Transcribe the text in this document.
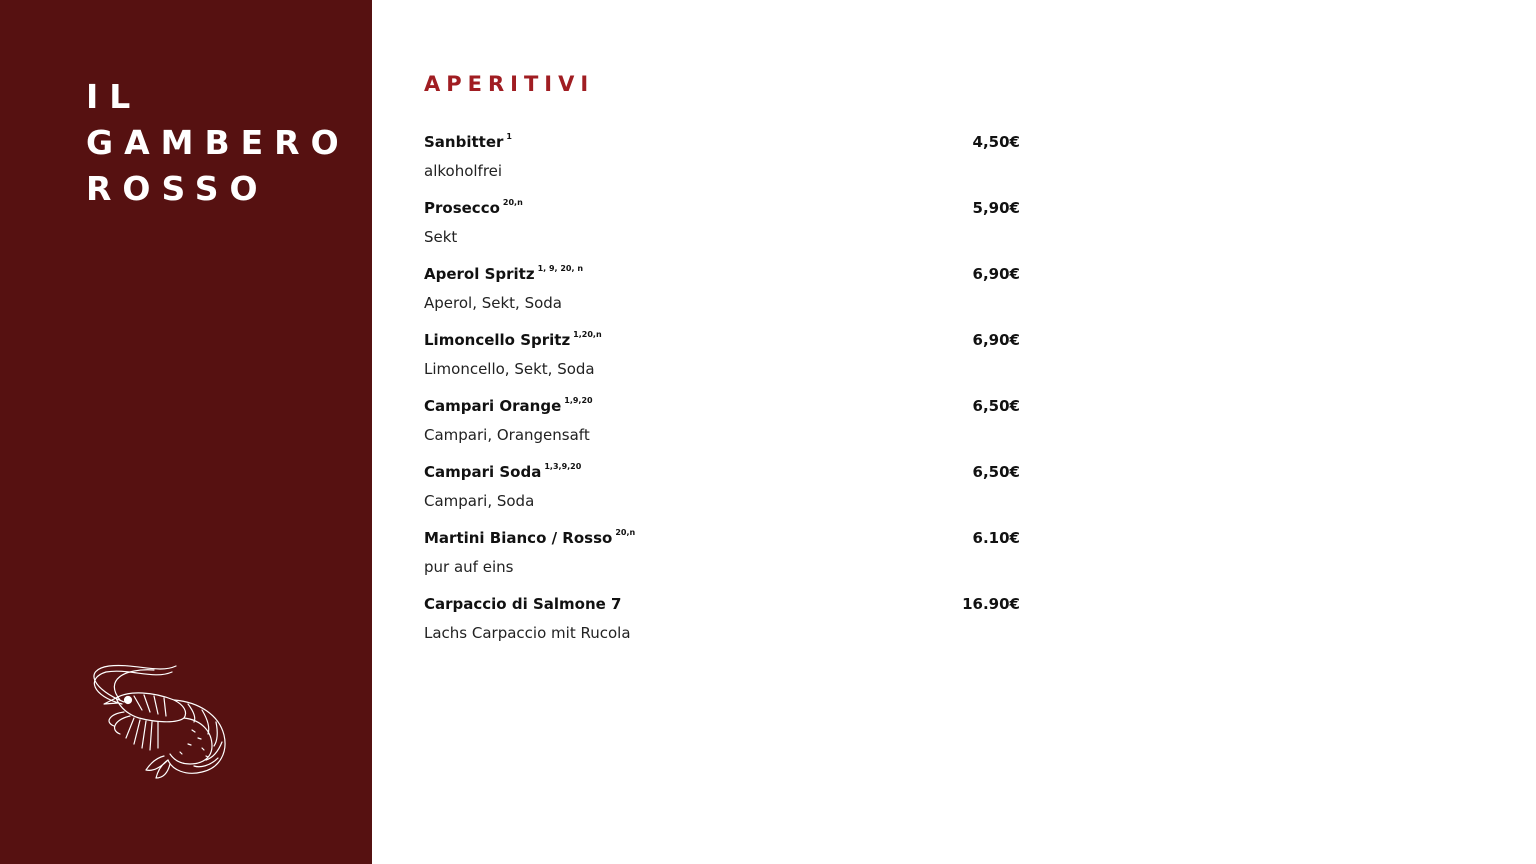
IL
GAMBERO
ROSSO
APERITIVI
Sanbitter $^1$	4,50€
alkoholfrei
Prosecco $^{20,n}$	5,90€
Sekt
Aperol Spritz $^{1, 9, 20, n}$	6,90€
Aperol, Sekt, Soda
Limoncello Spritz $^{1,20,n}$	6,90€
Limoncello, Sekt, Soda
Campari Orange $^{1,9,20}$	6,50€
Campari, Orangensaft
Campari Soda $^{1,3,9,20}$	6,50€
Campari, Soda
Martini Bianco / Rosso $^{20,n}$	6.10€
pur auf eins
Carpaccio di Salmone 7	16.90€
Lachs Carpaccio mit Rucola
